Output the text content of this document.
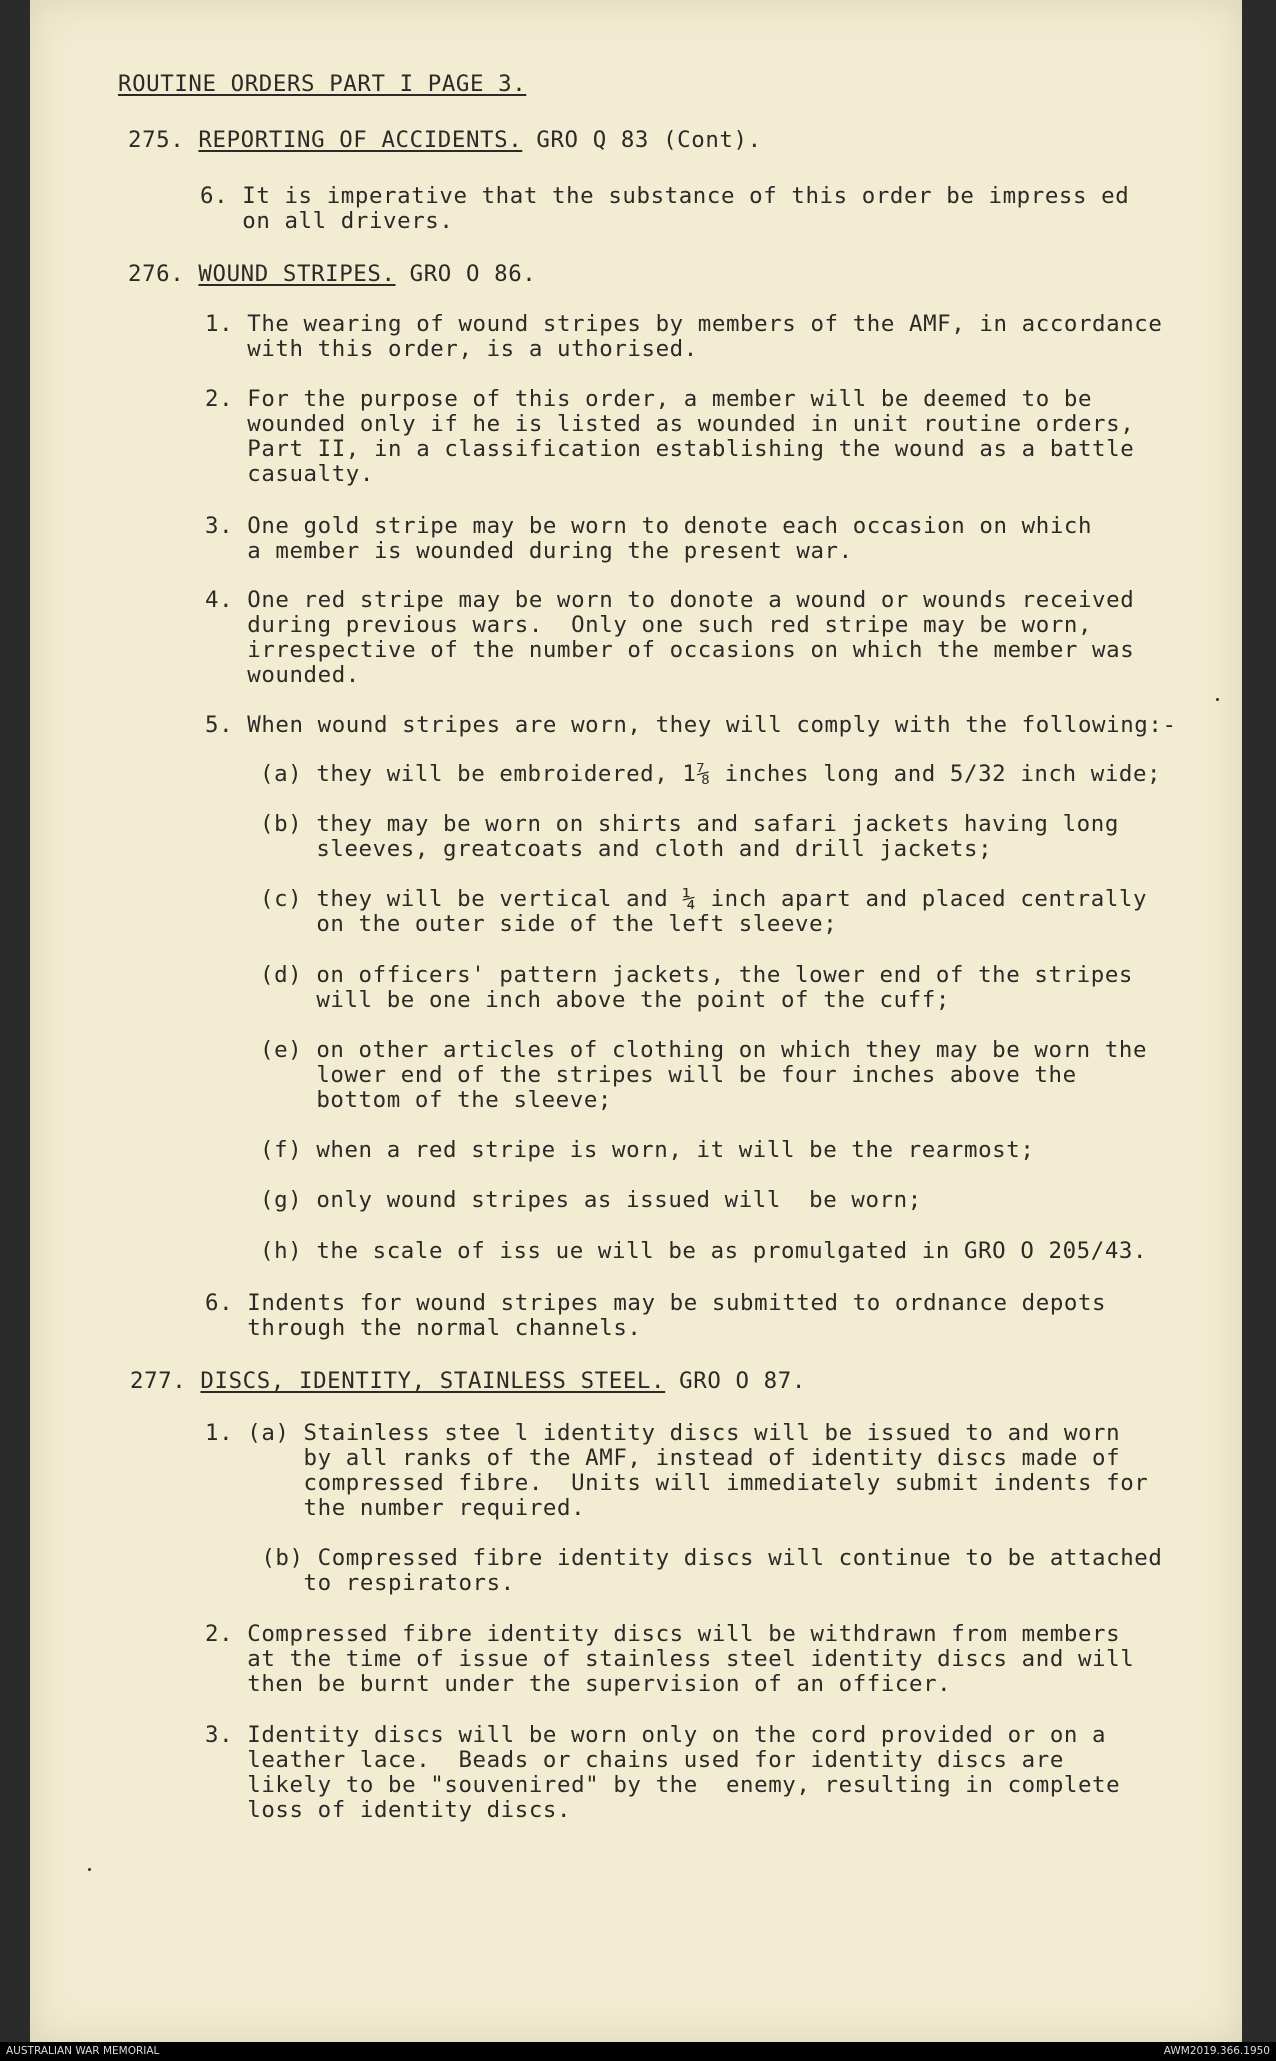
ROUTINE ORDERS PART I PAGE 3.
275. REPORTING OF ACCIDENTS. GRO Q 83 (Cont).
6. It is imperative that the substance of this order be impress ed
on all drivers.
276. WOUND STRIPES. GRO O 86.
1. The wearing of wound stripes by members of the AMF, in accordance
with this order, is a uthorised.
2. For the purpose of this order, a member will be deemed to be
wounded only if he is listed as wounded in unit routine orders,
Part II, in a classification establishing the wound as a battle
casualty.
3. One gold stripe may be worn to denote each occasion on which
a member is wounded during the present war.
4. One red stripe may be worn to donote a wound or wounds received
during previous wars.  Only one such red stripe may be worn,
irrespective of the number of occasions on which the member was
wounded.
5. When wound stripes are worn, they will comply with the following:-
(a) they will be embroidered, 1⅞ inches long and 5/32 inch wide;
(b) they may be worn on shirts and safari jackets having long
sleeves, greatcoats and cloth and drill jackets;
(c) they will be vertical and ¼ inch apart and placed centrally
on the outer side of the left sleeve;
(d) on officers' pattern jackets, the lower end of the stripes
will be one inch above the point of the cuff;
(e) on other articles of clothing on which they may be worn the
lower end of the stripes will be four inches above the
bottom of the sleeve;
(f) when a red stripe is worn, it will be the rearmost;
(g) only wound stripes as issued will  be worn;
(h) the scale of iss ue will be as promulgated in GRO O 205/43.
6. Indents for wound stripes may be submitted to ordnance depots
through the normal channels.
277. DISCS, IDENTITY, STAINLESS STEEL. GRO O 87.
1. (a) Stainless stee l identity discs will be issued to and worn
by all ranks of the AMF, instead of identity discs made of
compressed fibre.  Units will immediately submit indents for
the number required.
(b) Compressed fibre identity discs will continue to be attached
to respirators.
2. Compressed fibre identity discs will be withdrawn from members
at the time of issue of stainless steel identity discs and will
then be burnt under the supervision of an officer.
3. Identity discs will be worn only on the cord provided or on a
leather lace.  Beads or chains used for identity discs are
likely to be "souvenired" by the  enemy, resulting in complete
loss of identity discs.
AUSTRALIAN WAR MEMORIAL	AWM2019.366.1950
